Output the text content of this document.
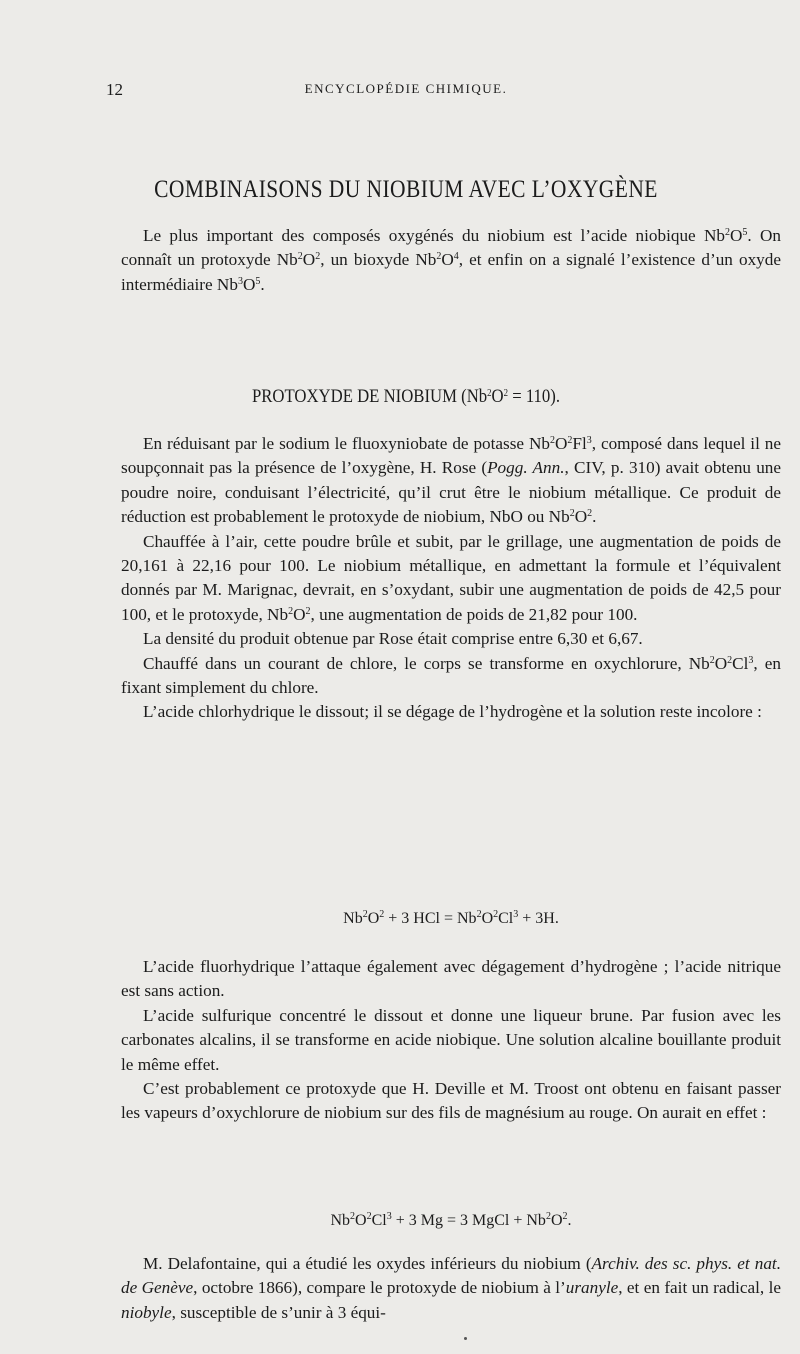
12	ENCYCLOPÉDIE CHIMIQUE.
COMBINAISONS DU NIOBIUM AVEC L’OXYGÈNE

Le plus important des composés oxygénés du niobium est l’acide niobique $Nb^2O^5$. On connaît un protoxyde $Nb^2O^2$, un bioxyde $Nb^2O^4$, et enfin on a signalé l’existence d’un oxyde intermédiaire $Nb^3O^5$.

PROTOXYDE DE NIOBIUM $(Nb^2O^2 = 110)$.

En réduisant par le sodium le fluoxyniobate de potasse $Nb^2O^2Fl^3$, composé dans lequel il ne soupçonnait pas la présence de l’oxygène, H. Rose (Pogg. Ann., CIV, p. 310) avait obtenu une poudre noire, conduisant l’électricité, qu’il crut être le niobium métallique. Ce produit de réduction est probablement le protoxyde de niobium, NbO ou $Nb^2O^2$.

Chauffée à l’air, cette poudre brûle et subit, par le grillage, une augmentation de poids de 20,161 à 22,16 pour 100. Le niobium métallique, en admettant la formule et l’équivalent donnés par M. Marignac, devrait, en s’oxydant, subir une augmentation de poids de 42,5 pour 100, et le protoxyde, $Nb^2O^2$, une augmentation de poids de 21,82 pour 100.

La densité du produit obtenue par Rose était comprise entre 6,30 et 6,67.

Chauffé dans un courant de chlore, le corps se transforme en oxychlorure, $Nb^2O^2Cl^3$, en fixant simplement du chlore.

L’acide chlorhydrique le dissout; il se dégage de l’hydrogène et la solution reste incolore :

$Nb^2O^2 + 3$ HCl = $Nb^2O^2Cl^3 + 3H$.

L’acide fluorhydrique l’attaque également avec dégagement d’hydrogène ; l’acide nitrique est sans action.

L’acide sulfurique concentré le dissout et donne une liqueur brune. Par fusion avec les carbonates alcalins, il se transforme en acide niobique. Une solution alcaline bouillante produit le même effet.

C’est probablement ce protoxyde que H. Deville et M. Troost ont obtenu en faisant passer les vapeurs d’oxychlorure de niobium sur des fils de magnésium au rouge. On aurait en effet :

$Nb^2O^2Cl^3 + 3$ Mg = 3 MgCl + $Nb^2O^2$.

M. Delafontaine, qui a étudié les oxydes inférieurs du niobium (Archiv. des sc. phys. et nat. de Genève, octobre 1866), compare le protoxyde de niobium à l’uranyle, et en fait un radical, le niobyle, susceptible de s’unir à 3 équi-
